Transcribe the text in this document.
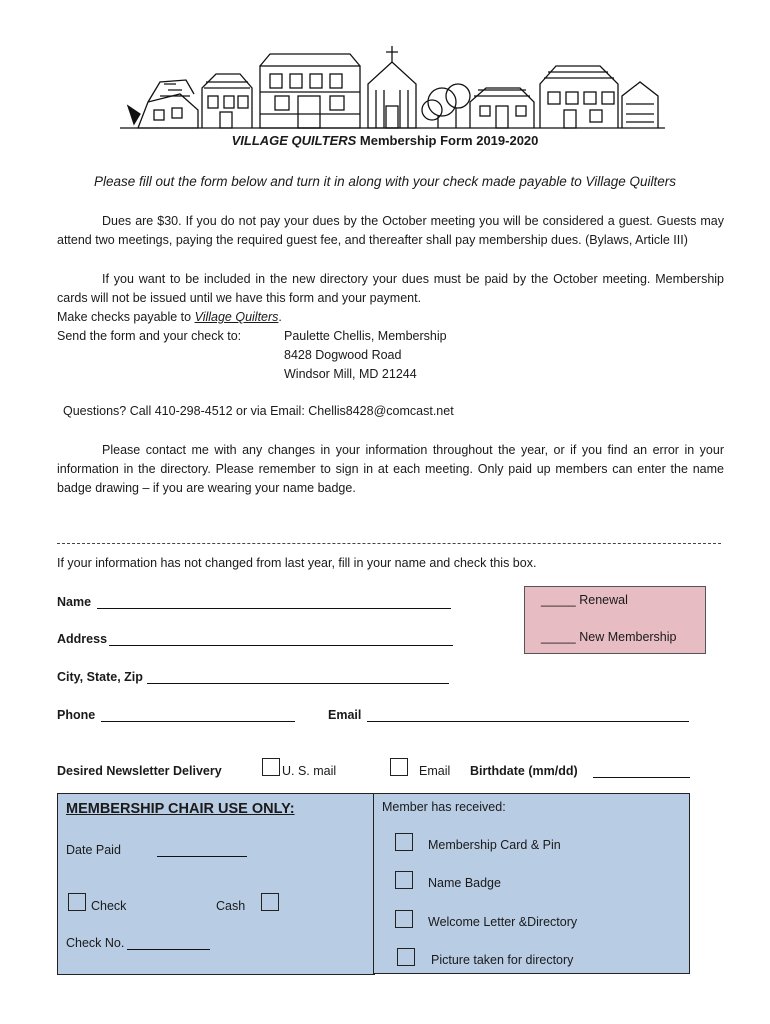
VILLAGE QUILTERS Membership Form 2019-2020
Please fill out the form below and turn it in along with your check made payable to Village Quilters
Dues are $30. If you do not pay your dues by the October meeting you will be considered a guest. Guests may attend two meetings, paying the required guest fee, and thereafter shall pay membership dues. (Bylaws, Article III)
If you want to be included in the new directory your dues must be paid by the October meeting. Membership cards will not be issued until we have this form and your payment.
Make checks payable to Village Quilters.
Send the form and your check to:	Paulette Chellis, Membership
8428 Dogwood Road
Windsor Mill, MD 21244
Questions? Call 410-298-4512 or via Email: Chellis8428@comcast.net
Please contact me with any changes in your information throughout the year, or if you find an error in your information in the directory. Please remember to sign in at each meeting. Only paid up members can enter the name badge drawing – if you are wearing your name badge.
If your information has not changed from last year, fill in your name and check this box.
Name
Address
City, State, Zip
_____ Renewal
_____ New Membership
Phone	Email
Desired Newsletter Delivery	U. S. mail	Email Birthdate (mm/dd)
MEMBERSHIP CHAIR USE ONLY:
Date Paid
Check	Cash
Check No.
Member has received:
Membership Card & Pin
Name Badge
Welcome Letter &Directory
Picture taken for directory
